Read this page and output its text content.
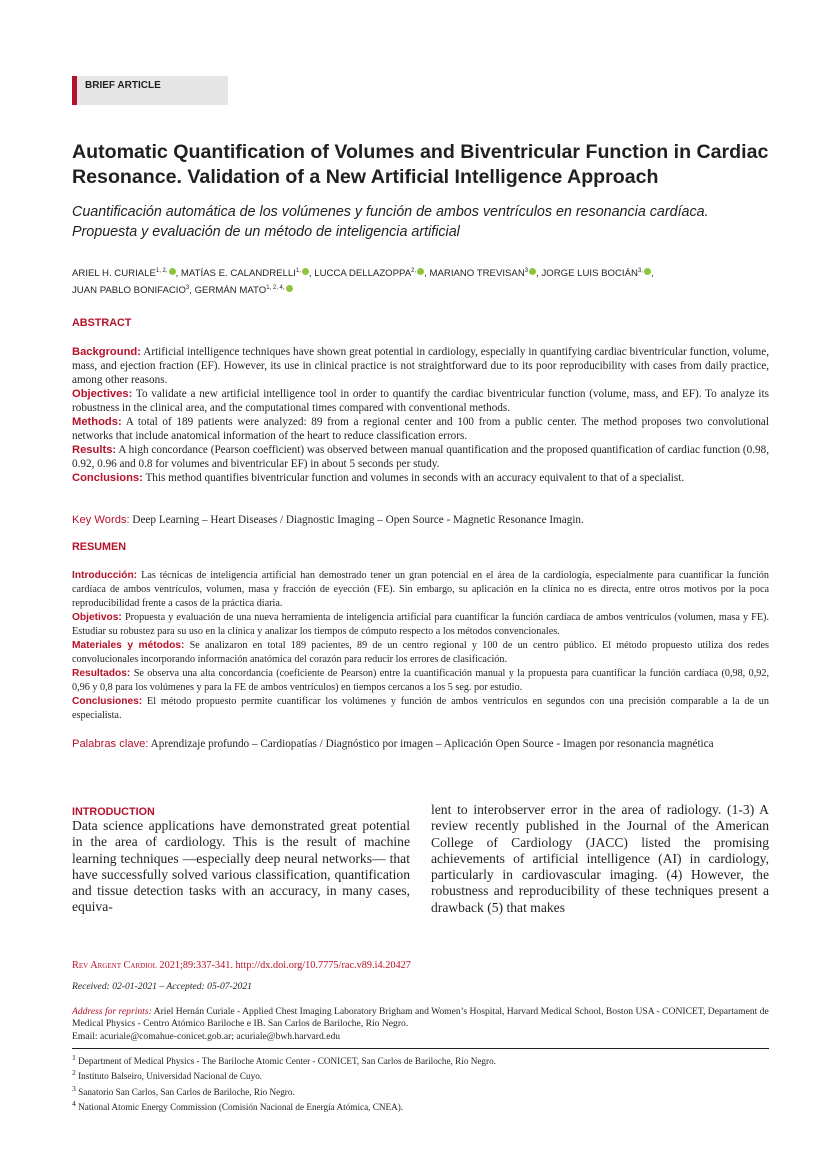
BRIEF ARTICLE
Automatic Quantification of Volumes and Biventricular Function in Cardiac Resonance. Validation of a New Artificial Intelligence Approach
Cuantificación automática de los volúmenes y función de ambos ventrículos en resonancia cardíaca. Propuesta y evaluación de un método de inteligencia artificial
ARIEL H. $CURIALE^{1, 2,}$ , MATÍAS E. $CALANDRELLI^{1,}$ , LUCCA $DELLAZOPPA^{2,}$ , MARIANO TREVISAN$^3$ , JORGE LUIS $BOCIÁN^{3,}$ ,
JUAN PABLO BONIFACIO$^3$, GERMÁN $MATO^{1, 2, 4,}$
ABSTRACT
Background: Artificial intelligence techniques have shown great potential in cardiology, especially in quantifying cardiac biventricular function, volume, mass, and ejection fraction (EF). However, its use in clinical practice is not straightforward due to its poor reproducibility with cases from daily practice, among other reasons.
Objectives: To validate a new artificial intelligence tool in order to quantify the cardiac biventricular function (volume, mass, and EF). To analyze its robustness in the clinical area, and the computational times compared with conventional methods.
Methods: A total of 189 patients were analyzed: 89 from a regional center and 100 from a public center. The method proposes two convolutional networks that include anatomical information of the heart to reduce classification errors.
Results: A high concordance (Pearson coefficient) was observed between manual quantification and the proposed quantification of cardiac function (0.98, 0.92, 0.96 and 0.8 for volumes and biventricular EF) in about 5 seconds per study.
Conclusions: This method quantifies biventricular function and volumes in seconds with an accuracy equivalent to that of a specialist.
Key Words: Deep Learning – Heart Diseases / Diagnostic Imaging – Open Source - Magnetic Resonance Imagin.
RESUMEN
Introducción: Las técnicas de inteligencia artificial han demostrado tener un gran potencial en el área de la cardiología, especialmente para cuantificar la función cardíaca de ambos ventrículos, volumen, masa y fracción de eyección (FE). Sin embargo, su aplicación en la clínica no es directa, entre otros motivos por la poca reproducibilidad frente a casos de la práctica diaria.
Objetivos: Propuesta y evaluación de una nueva herramienta de inteligencia artificial para cuantificar la función cardíaca de ambos ventrículos (volumen, masa y FE). Estudiar su robustez para su uso en la clínica y analizar los tiempos de cómputo respecto a los métodos convencionales.
Materiales y métodos: Se analizaron en total 189 pacientes, 89 de un centro regional y 100 de un centro público. El método propuesto utiliza dos redes convolucionales incorporando información anatómica del corazón para reducir los errores de clasificación.
Resultados: Se observa una alta concordancia (coeficiente de Pearson) entre la cuantificación manual y la propuesta para cuantificar la función cardíaca (0,98, 0,92, 0,96 y 0,8 para los volúmenes y para la FE de ambos ventrículos) en tiempos cercanos a los 5 seg. por estudio.
Conclusiones: El método propuesto permite cuantificar los volúmenes y función de ambos ventrículos en segundos con una precisión comparable a la de un especialista.
Palabras clave: Aprendizaje profundo – Cardiopatías / Diagnóstico por imagen – Aplicación Open Source - Imagen por resonancia magnética
INTRODUCTION
Data science applications have demonstrated great potential in the area of cardiology. This is the result of machine learning techniques —especially deep neural networks— that have successfully solved various classification, quantification and tissue detection tasks with an accuracy, in many cases, equiva-
lent to interobserver error in the area of radiology. (1-3) A review recently published in the Journal of the American College of Cardiology (JACC) listed the promising achievements of artificial intelligence (AI) in cardiology, particularly in cardiovascular imaging. (4) However, the robustness and reproducibility of these techniques present a drawback (5) that makes
Rev Argent Cardiol 2021;89:337-341. http://dx.doi.org/10.7775/rac.v89.i4.20427
Received: 02-01-2021 – Accepted: 05-07-2021
Address for reprints: Ariel Hernán Curiale - Applied Chest Imaging Laboratory Brigham and Women’s Hospital, Harvard Medical School, Boston USA - CONICET, Departament de Medical Physics - Centro Atómico Bariloche e IB. San Carlos de Bariloche, Río Negro.
Email: acuriale@comahue-conicet.gob.ar; acuriale@bwh.harvard.edu
$^1$ Department of Medical Physics - The Bariloche Atomic Center - CONICET, San Carlos de Bariloche, Río Negro.
$^2$ Instituto Balseiro, Universidad Nacional de Cuyo.
$^3$ Sanatorio San Carlos, San Carlos de Bariloche, Río Negro.
$^4$ National Atomic Energy Commission (Comisión Nacional de Energía Atómica, CNEA).
